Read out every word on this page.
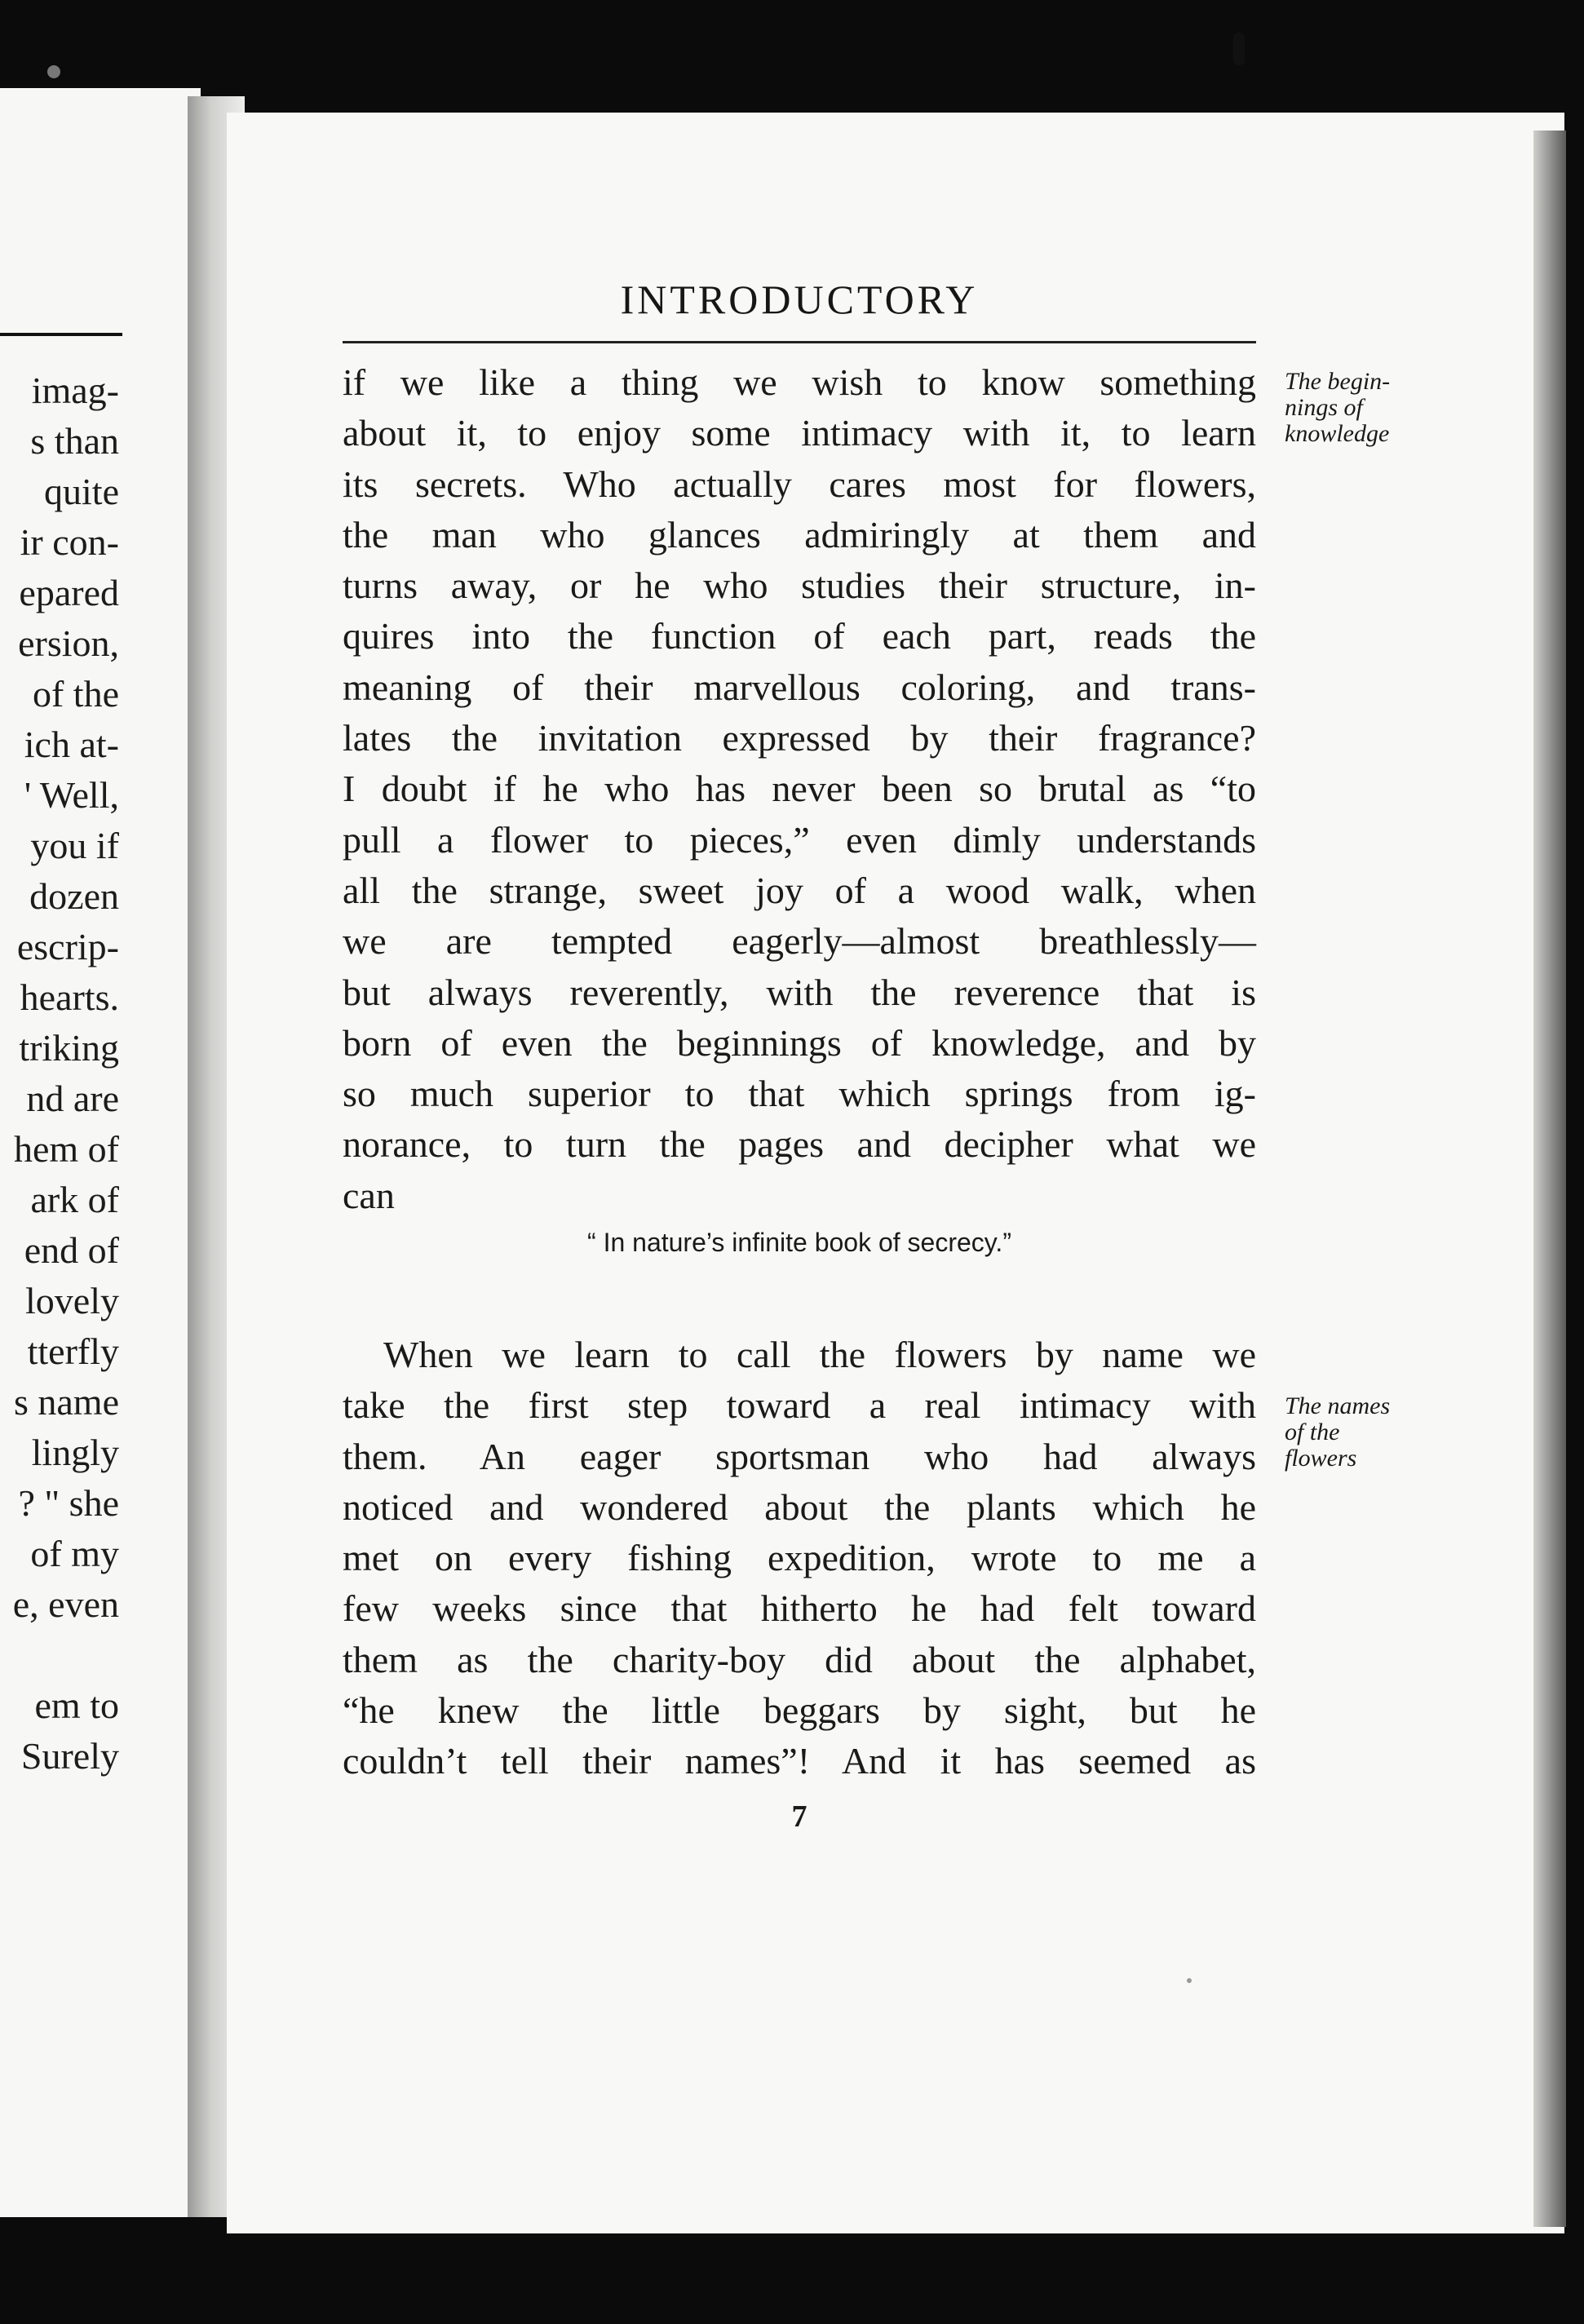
imag-
s than
quite
ir con-
epared
ersion,
of the
ich at-
' Well,
you if
dozen
escrip-
hearts.
triking
nd are
hem of
ark of
end of
lovely
tterfly
s name
lingly
? " she
of my
e, even
em to
Surely
INTRODUCTORY
if we like a thing we wish to know something
about it, to enjoy some intimacy with it, to learn
its secrets. Who actually cares most for flowers,
the man who glances admiringly at them and
turns away, or he who studies their structure, in-
quires into the function of each part, reads the
meaning of their marvellous coloring, and trans-
lates the invitation expressed by their fragrance?
I doubt if he who has never been so brutal as “to
pull a flower to pieces,” even dimly understands
all the strange, sweet joy of a wood walk, when
we are tempted eagerly—almost breathlessly—
but always reverently, with the reverence that is
born of even the beginnings of knowledge, and by
so much superior to that which springs from ig-
norance, to turn the pages and decipher what we
can
“ In nature’s infinite book of secrecy.”
When we learn to call the flowers by name we
take the first step toward a real intimacy with
them. An eager sportsman who had always
noticed and wondered about the plants which he
met on every fishing expedition, wrote to me a
few weeks since that hitherto he had felt toward
them as the charity-boy did about the alphabet,
“he knew the little beggars by sight, but he
couldn’t tell their names”! And it has seemed as
The begin-
nings of
knowledge
The names
of the
flowers
7
